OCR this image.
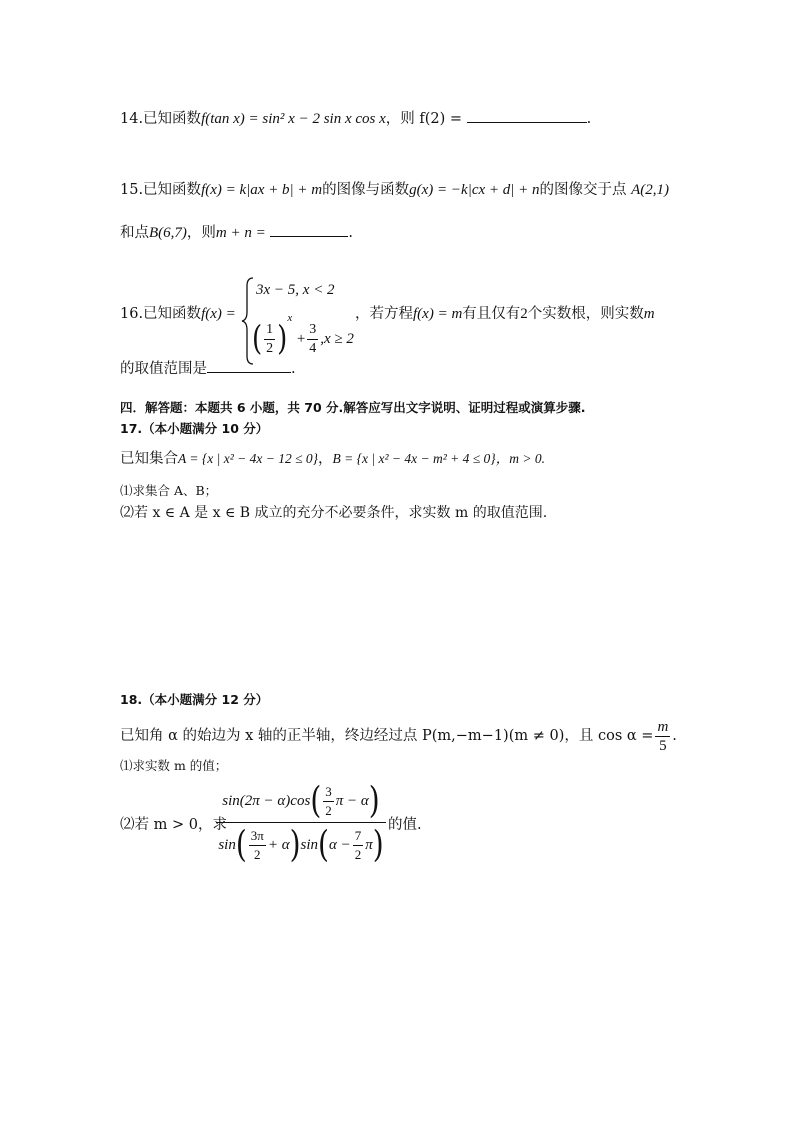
14.已知函数f(tan x) = sin² x − 2 sin x cos x，则 f(2) =	.
15.已知函数f(x) = k|ax + b| + m的图像与函数g(x) = −k|cx + d| + n的图像交于点 A(2,1)
和点B(6,7)，则m + n =	.
16.已知函数f(x) =
3x − 5, x < 2
( $\frac{1}{2} )^x + \frac{3}{4} ,x \ge 2$
，若方程f(x) = m有且仅有2个实数根，则实数m
的取值范围是	.
四．解答题：本题共 6 小题，共 70 分.解答应写出文字说明、证明过程或演算步骤.
17.（本小题满分 10 分）
已知集合A = {x | x² − 4x − 12 ≤ 0}，B = {x | x² − 4x − m² + 4 ≤ 0}，m > 0.
⑴求集合 A、B；
⑵若 x ∈ A 是 x ∈ B 成立的充分不必要条件，求实数 m 的取值范围.
18.（本小题满分 12 分）
已知角 α 的始边为 x 轴的正半轴，终边经过点 P(m,−m−1)(m ≠ 0)，且 $\cos \alpha = \frac{m}{5}$ .
⑴求实数 m 的值；
⑵若 m > 0，求
sin(2π − α)cos ( $\frac{3}{2}$ π − α )
sin ( $\frac{3\pi}{2} + \alpha$ ) sin ( $\alpha - \frac{7}{2}$ π ) 的值.
